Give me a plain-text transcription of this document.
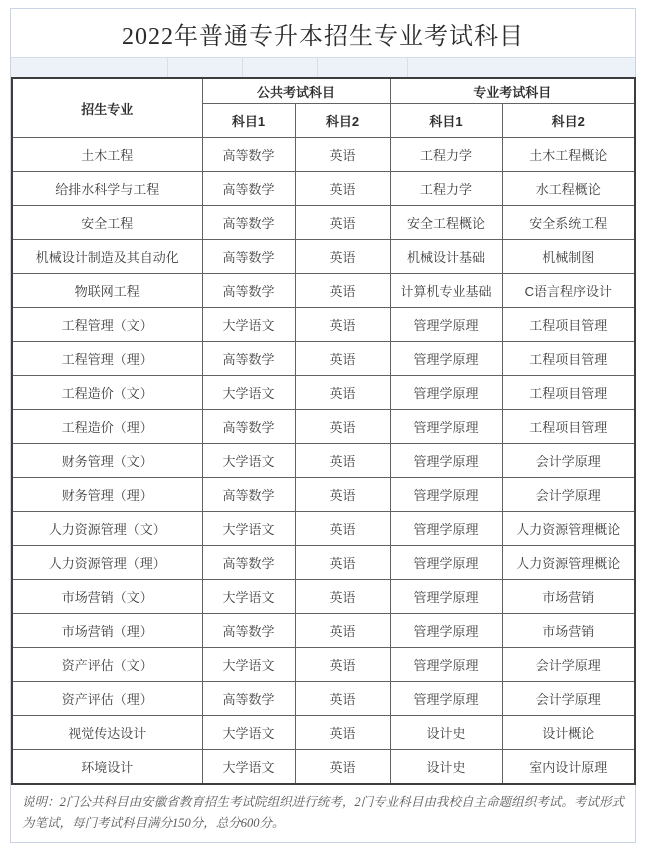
2022年普通专升本招生专业考试科目
招生专业	公共考试科目		专业考试科目	
	科目1	科目2	科目1	科目2
土木工程	高等数学	英语	工程力学	土木工程概论
给排水科学与工程	高等数学	英语	工程力学	水工程概论
安全工程	高等数学	英语	安全工程概论	安全系统工程
机械设计制造及其自动化	高等数学	英语	机械设计基础	机械制图
物联网工程	高等数学	英语	计算机专业基础	C语言程序设计
工程管理（文）	大学语文	英语	管理学原理	工程项目管理
工程管理（理）	高等数学	英语	管理学原理	工程项目管理
工程造价（文）	大学语文	英语	管理学原理	工程项目管理
工程造价（理）	高等数学	英语	管理学原理	工程项目管理
财务管理（文）	大学语文	英语	管理学原理	会计学原理
财务管理（理）	高等数学	英语	管理学原理	会计学原理
人力资源管理（文）	大学语文	英语	管理学原理	人力资源管理概论
人力资源管理（理）	高等数学	英语	管理学原理	人力资源管理概论
市场营销（文）	大学语文	英语	管理学原理	市场营销
市场营销（理）	高等数学	英语	管理学原理	市场营销
资产评估（文）	大学语文	英语	管理学原理	会计学原理
资产评估（理）	高等数学	英语	管理学原理	会计学原理
视觉传达设计	大学语文	英语	设计史	设计概论
环境设计	大学语文	英语	设计史	室内设计原理
说明：2门公共科目由安徽省教育招生考试院组织进行统考，2门专业科目由我校自主命题组织考试。考试形式为笔试，每门考试科目满分150分，总分600分。
